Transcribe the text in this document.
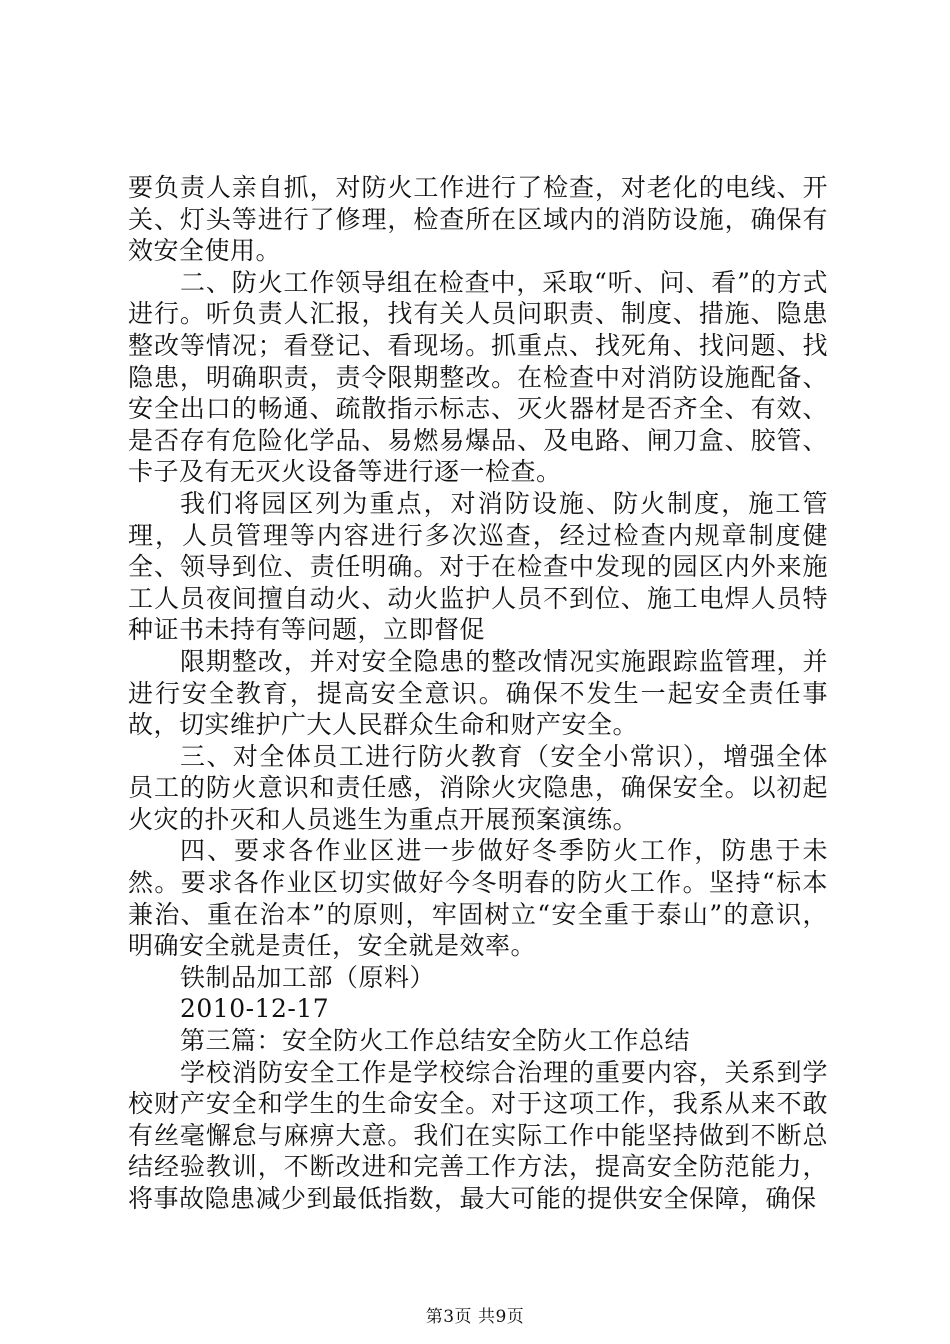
要负责人亲自抓，对防火工作进行了检查，对老化的电线、开关、灯头等进行了修理，检查所在区域内的消防设施，确保有效安全使用。

二、防火工作领导组在检查中，采取“听、问、看”的方式进行。听负责人汇报，找有关人员问职责、制度、措施、隐患整改等情况；看登记、看现场。抓重点、找死角、找问题、找隐患，明确职责，责令限期整改。在检查中对消防设施配备、安全出口的畅通、疏散指示标志、灭火器材是否齐全、有效、是否存有危险化学品、易燃易爆品、及电路、闸刀盒、胶管、卡子及有无灭火设备等进行逐一检查。

我们将园区列为重点，对消防设施、防火制度，施工管理，人员管理等内容进行多次巡查，经过检查内规章制度健全、领导到位、责任明确。对于在检查中发现的园区内外来施工人员夜间擅自动火、动火监护人员不到位、施工电焊人员特种证书未持有等问题，立即督促

限期整改，并对安全隐患的整改情况实施跟踪监管理，并进行安全教育，提高安全意识。确保不发生一起安全责任事故，切实维护广大人民群众生命和财产安全。

三、对全体员工进行防火教育（安全小常识），增强全体员工的防火意识和责任感，消除火灾隐患，确保安全。以初起火灾的扑灭和人员逃生为重点开展预案演练。

四、要求各作业区进一步做好冬季防火工作，防患于未然。要求各作业区切实做好今冬明春的防火工作。坚持“标本兼治、重在治本”的原则，牢固树立“安全重于泰山”的意识，明确安全就是责任，安全就是效率。

铁制品加工部（原料）

2010-12-17

第三篇：安全防火工作总结安全防火工作总结

学校消防安全工作是学校综合治理的重要内容，关系到学校财产安全和学生的生命安全。对于这项工作，我系从来不敢有丝毫懈怠与麻痹大意。我们在实际工作中能坚持做到不断总结经验教训，不断改进和完善工作方法，提高安全防范能力，将事故隐患减少到最低指数，最大可能的提供安全保障，确保

第3页 共9页
